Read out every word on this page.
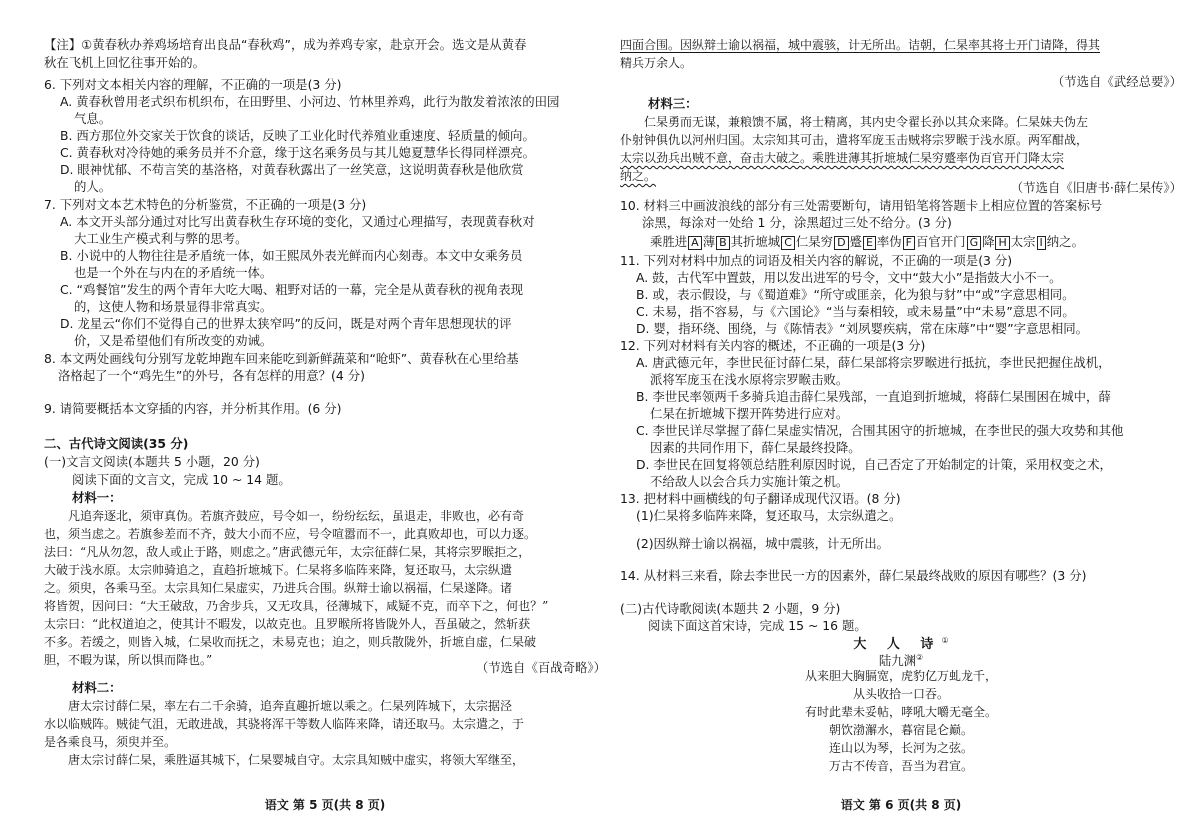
【注】①黄春秋办养鸡场培育出良品“春秋鸡”，成为养鸡专家，赴京开会。选文是从黄春
秋在飞机上回忆往事开始的。
6. 下列对文本相关内容的理解，不正确的一项是(3 分)
A. 黄春秋曾用老式织布机织布，在田野里、小河边、竹林里养鸡，此行为散发着浓浓的田园
气息。
B. 西方那位外交家关于饮食的谈话，反映了工业化时代养殖业重速度、轻质量的倾向。
C. 黄春秋对冷待她的乘务员并不介意，缘于这名乘务员与其儿媳夏慧华长得同样漂亮。
D. 眼神忧郁、不苟言笑的基洛格，对黄春秋露出了一丝笑意，这说明黄春秋是他欣赏
的人。
7. 下列对文本艺术特色的分析鉴赏，不正确的一项是(3 分)
A. 本文开头部分通过对比写出黄春秋生存环境的变化，又通过心理描写，表现黄春秋对
大工业生产模式利与弊的思考。
B. 小说中的人物往往是矛盾统一体，如王熙凤外表光鲜而内心刻毒。本文中女乘务员
也是一个外在与内在的矛盾统一体。
C. “鸡餐馆”发生的两个青年大吃大喝、粗野对话的一幕，完全是从黄春秋的视角表现
的，这使人物和场景显得非常真实。
D. 龙星云“你们不觉得自己的世界太狭窄吗”的反问，既是对两个青年思想现状的评
价，又是希望他们有所改变的劝诫。
8. 本文两处画线句分别写龙乾坤跑车回来能吃到新鲜蔬菜和“呛虾”、黄春秋在心里给基
洛格起了一个“鸡先生”的外号，各有怎样的用意？(4 分)
9. 请简要概括本文穿插的内容，并分析其作用。(6 分)
二、古代诗文阅读(35 分)
(一)文言文阅读(本题共 5 小题，20 分)
阅读下面的文言文，完成 10 ~ 14 题。
材料一：
凡追奔逐北，须审真伪。若旗齐鼓应，号令如一，纷纷纭纭，虽退走，非败也，必有奇
也，须当虑之。若旗参差而不齐，鼓大小而不应，号令喧嚣而不一，此真败却也，可以力逐。
法曰：“凡从勿忽，敌人或止于路，则虑之。”唐武德元年，太宗征薛仁杲，其将宗罗睺拒之，
大破于浅水原。太宗帅骑追之，直趋折墌城下。仁杲将多临阵来降，复还取马，太宗纵遣
之。须臾，各乘马至。太宗具知仁杲虚实，乃进兵合围。纵辩士谕以祸福，仁杲遂降。诸
将皆贺，因问曰：“大王破敌，乃舍步兵，又无攻具，径薄城下，咸疑不克，而卒下之，何也？”
太宗曰：“此权道迫之，使其计不暇发，以故克也。且罗睺所将皆陇外人，吾虽破之，然斩获
不多。若缓之，则皆入城，仁杲收而抚之，未易克也；迫之，则兵散陇外，折墌自虚，仁杲破
胆，不暇为谋，所以惧而降也。”	（节选自《百战奇略》）
材料二：
唐太宗讨薛仁杲，率左右二千余骑，追奔直趣折墌以乘之。仁杲列阵城下，太宗据泾
水以临贼阵。贼徒气沮，无敢进战，其骁将浑干等数人临阵来降，请还取马。太宗遣之，于
是各乘良马，须臾并至。
唐太宗讨薛仁杲，乘胜逼其城下，仁杲婴城自守。太宗具知贼中虚实，将领大军继至，
语文 第 5 页(共 8 页)
四面合围。因纵辩士谕以祸福，城中震骇，计无所出。诘朝，仁杲率其将士开门请降，得其
精兵万余人。
（节选自《武经总要》）
材料三：
仁杲勇而无谋，兼粮馈不属，将士精离，其内史令翟长孙以其众来降。仁杲妹夫伪左
仆射钟俱仇以河州归国。太宗知其可击，遣将军庞玉击贼将宗罗睺于浅水原。两军酣战，
太宗以劲兵出贼不意，奋击大破之。乘胜进薄其折墌城仁杲穷蹙率伪百官开门降太宗
纳之。
（节选自《旧唐书·薛仁杲传》）
10. 材料三中画波浪线的部分有三处需要断句，请用铅笔将答题卡上相应位置的答案标号
涂黑，每涂对一处给 1 分，涂黑超过三处不给分。(3 分)
乘胜进 A 薄 B 其折墌城 C 仁杲穷 D 蹙 E 率伪 F 百官开门 G 降 H 太宗 I 纳之。
11. 下列对材料中加点的词语及相关内容的解说，不正确的一项是(3 分)
A. 鼓，古代军中置鼓，用以发出进军的号令，文中“鼓大小”是指鼓大小不一。
B. 或，表示假设，与《蜀道难》“所守或匪亲，化为狼与豺”中“或”字意思相同。
C. 未易，指不容易，与《六国论》“当与秦相较，或未易量”中“未易”意思不同。
D. 婴，指环绕、围绕，与《陈情表》“刘夙婴疾病，常在床蓐”中“婴”字意思相同。
12. 下列对材料有关内容的概述，不正确的一项是(3 分)
A. 唐武德元年，李世民征讨薛仁杲，薛仁杲部将宗罗睺进行抵抗，李世民把握住战机，
派将军庞玉在浅水原将宗罗睺击败。
B. 李世民率领两千多骑兵追击薛仁杲残部，一直追到折墌城，将薛仁杲围困在城中，薛
仁杲在折墌城下摆开阵势进行应对。
C. 李世民详尽掌握了薛仁杲虚实情况，合围其困守的折墌城，在李世民的强大攻势和其他
因素的共同作用下，薛仁杲最终投降。
D. 李世民在回复将领总结胜利原因时说，自己否定了开始制定的计策，采用权变之术，
不给敌人以会合兵力实施计策之机。
13. 把材料中画横线的句子翻译成现代汉语。(8 分)
(1)仁杲将多临阵来降，复还取马，太宗纵遣之。
(2)因纵辩士谕以祸福，城中震骇，计无所出。
14. 从材料三来看，除去李世民一方的因素外，薛仁杲最终战败的原因有哪些？(3 分)
(二)古代诗歌阅读(本题共 2 小题，9 分)
阅读下面这首宋诗，完成 15 ~ 16 题。
大 人 诗①
陆九渊②
从来胆大胸膈宽，虎豹亿万虬龙千，
从头收拾一口吞。
有时此辈未妥帖，哮吼大嚼无毫全。
朝饮渤澥水，暮宿昆仑巅。
连山以为琴，长河为之弦。
万古不传音，吾当为君宣。
语文 第 6 页(共 8 页)
